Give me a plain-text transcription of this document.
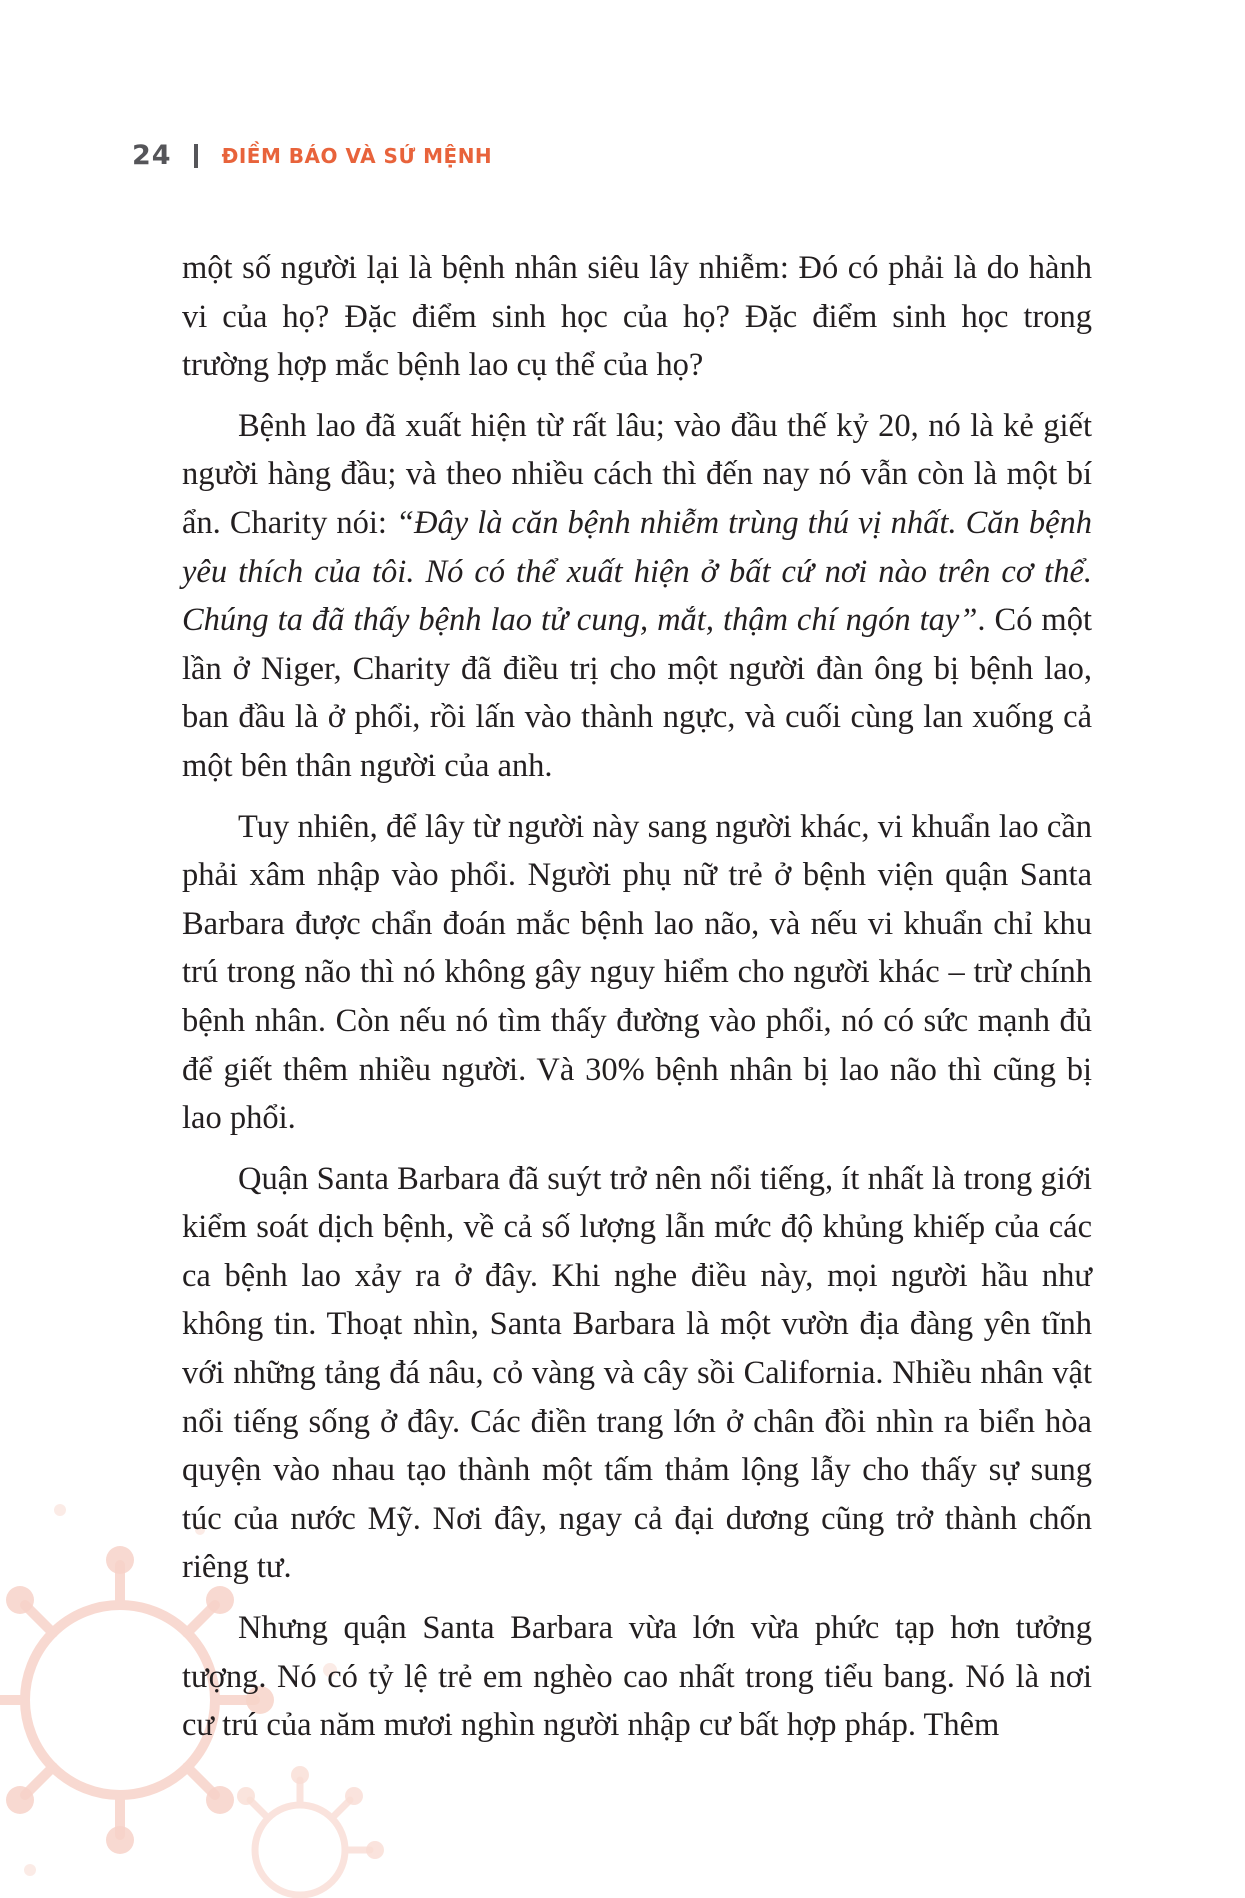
24	ĐIỀM BÁO VÀ SỨ MỆNH

một số người lại là bệnh nhân siêu lây nhiễm: Đó có phải là do hành vi của họ? Đặc điểm sinh học của họ? Đặc điểm sinh học trong trường hợp mắc bệnh lao cụ thể của họ?

Bệnh lao đã xuất hiện từ rất lâu; vào đầu thế kỷ 20, nó là kẻ giết người hàng đầu; và theo nhiều cách thì đến nay nó vẫn còn là một bí ẩn. Charity nói: “Đây là căn bệnh nhiễm trùng thú vị nhất. Căn bệnh yêu thích của tôi. Nó có thể xuất hiện ở bất cứ nơi nào trên cơ thể. Chúng ta đã thấy bệnh lao tử cung, mắt, thậm chí ngón tay”. Có một lần ở Niger, Charity đã điều trị cho một người đàn ông bị bệnh lao, ban đầu là ở phổi, rồi lấn vào thành ngực, và cuối cùng lan xuống cả một bên thân người của anh.

Tuy nhiên, để lây từ người này sang người khác, vi khuẩn lao cần phải xâm nhập vào phổi. Người phụ nữ trẻ ở bệnh viện quận Santa Barbara được chẩn đoán mắc bệnh lao não, và nếu vi khuẩn chỉ khu trú trong não thì nó không gây nguy hiểm cho người khác – trừ chính bệnh nhân. Còn nếu nó tìm thấy đường vào phổi, nó có sức mạnh đủ để giết thêm nhiều người. Và 30% bệnh nhân bị lao não thì cũng bị lao phổi.

Quận Santa Barbara đã suýt trở nên nổi tiếng, ít nhất là trong giới kiểm soát dịch bệnh, về cả số lượng lẫn mức độ khủng khiếp của các ca bệnh lao xảy ra ở đây. Khi nghe điều này, mọi người hầu như không tin. Thoạt nhìn, Santa Barbara là một vườn địa đàng yên tĩnh với những tảng đá nâu, cỏ vàng và cây sồi California. Nhiều nhân vật nổi tiếng sống ở đây. Các điền trang lớn ở chân đồi nhìn ra biển hòa quyện vào nhau tạo thành một tấm thảm lộng lẫy cho thấy sự sung túc của nước Mỹ. Nơi đây, ngay cả đại dương cũng trở thành chốn riêng tư.

Nhưng quận Santa Barbara vừa lớn vừa phức tạp hơn tưởng tượng. Nó có tỷ lệ trẻ em nghèo cao nhất trong tiểu bang. Nó là nơi cư trú của năm mươi nghìn người nhập cư bất hợp pháp. Thêm
